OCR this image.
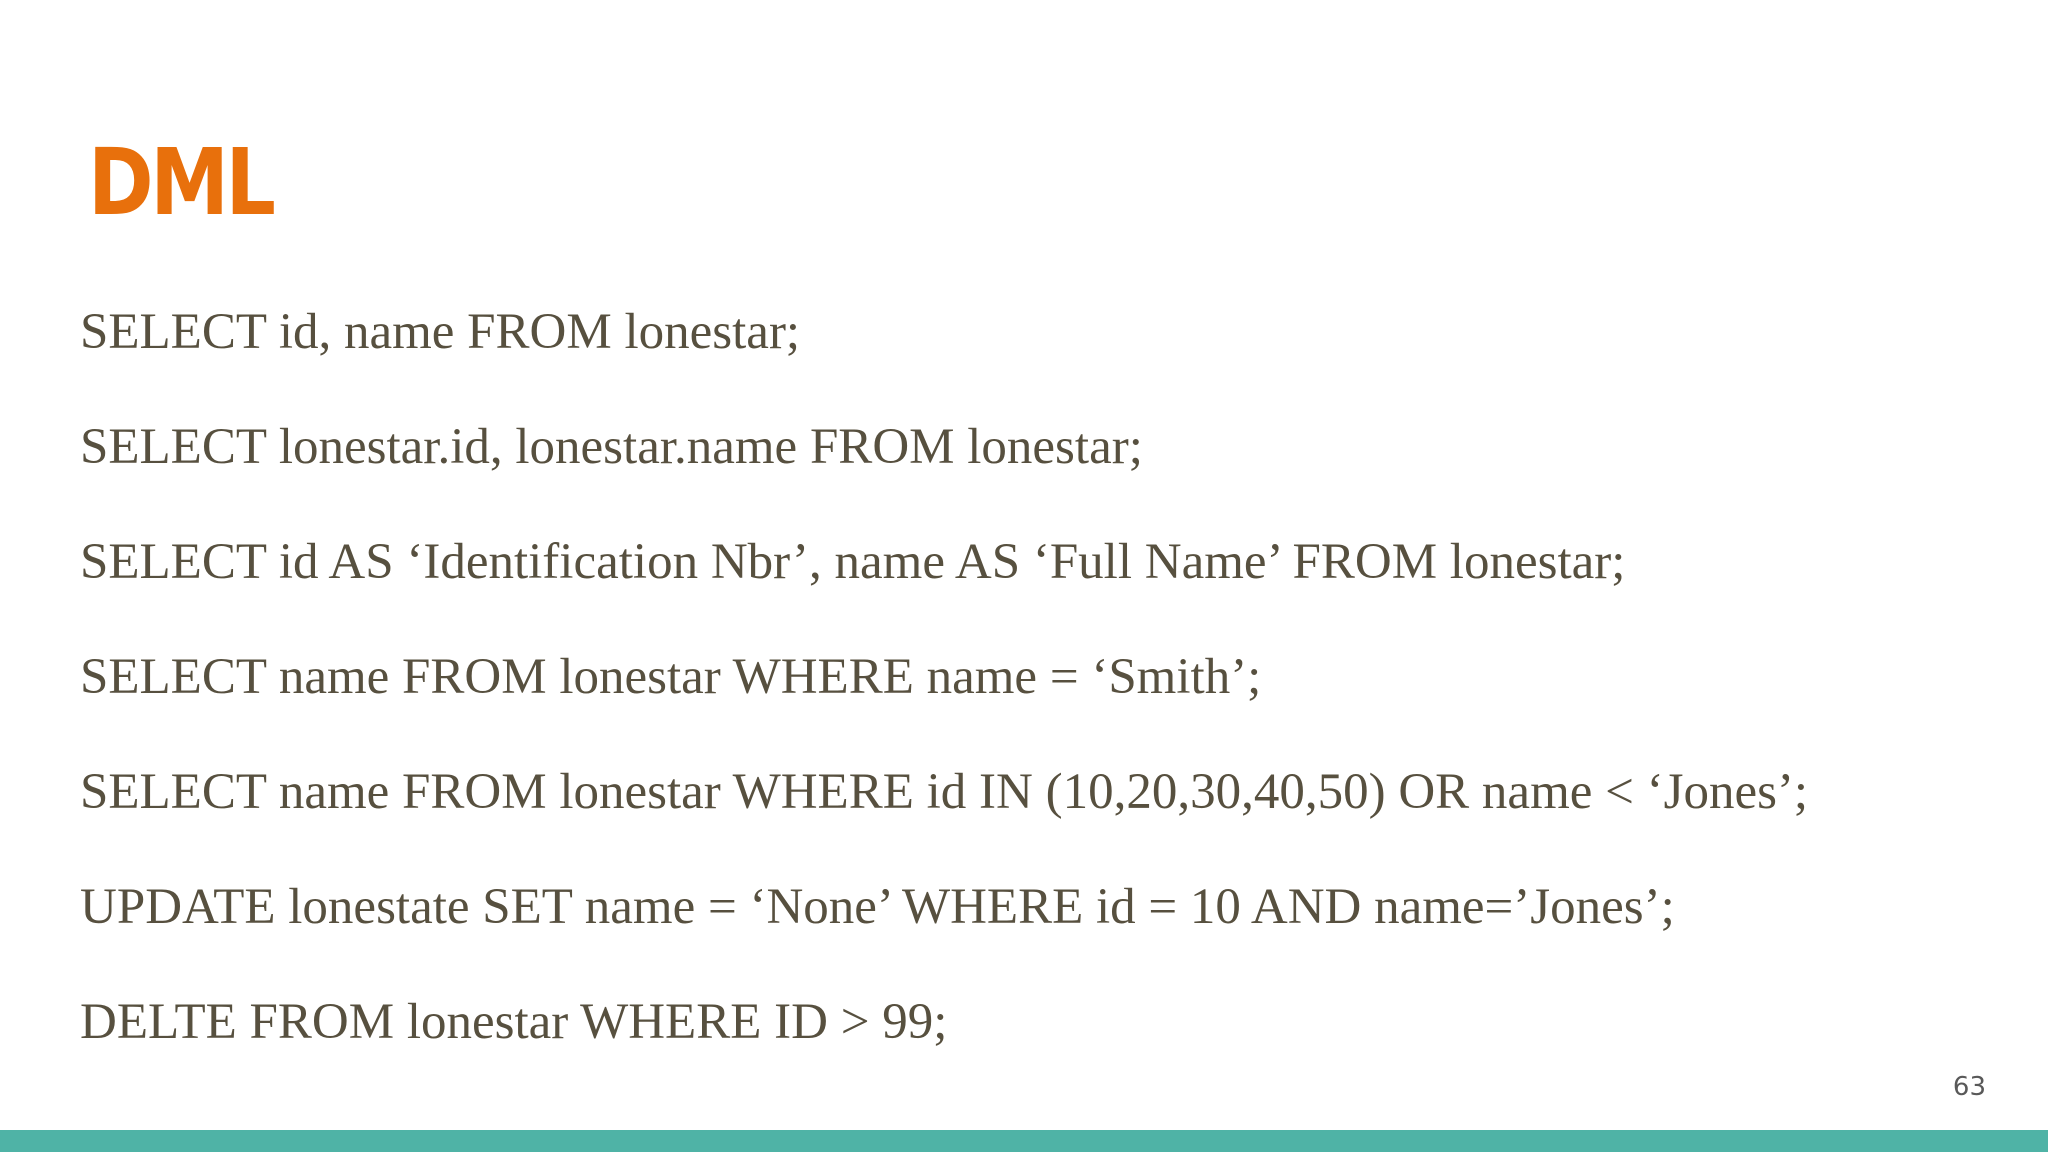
DML
SELECT id, name FROM lonestar;
SELECT lonestar.id, lonestar.name FROM lonestar;
SELECT id AS ‘Identification Nbr’, name AS ‘Full Name’ FROM lonestar;
SELECT name FROM lonestar WHERE name = ‘Smith’;
SELECT name FROM lonestar WHERE id IN (10,20,30,40,50) OR name < ‘Jones’;
UPDATE lonestate SET name = ‘None’ WHERE id = 10 AND name=’Jones’;
DELTE FROM lonestar WHERE ID > 99;
63
